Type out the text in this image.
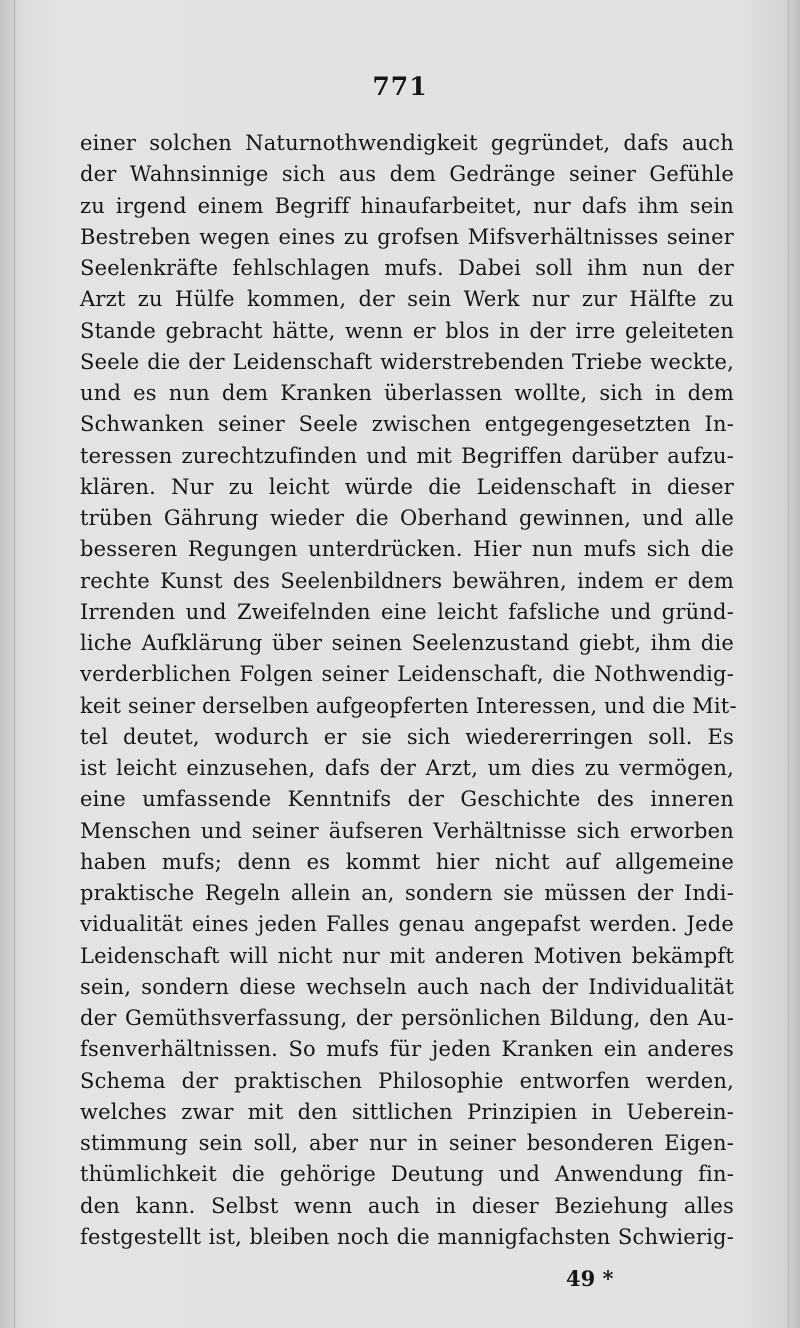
771
einer solchen Naturnothwendigkeit gegründet, dafs auch
der Wahnsinnige sich aus dem Gedränge seiner Gefühle
zu irgend einem Begriff hinaufarbeitet, nur dafs ihm sein
Bestreben wegen eines zu grofsen Mifsverhältnisses seiner
Seelenkräfte fehlschlagen mufs. Dabei soll ihm nun der
Arzt zu Hülfe kommen, der sein Werk nur zur Hälfte zu
Stande gebracht hätte, wenn er blos in der irre geleiteten
Seele die der Leidenschaft widerstrebenden Triebe weckte,
und es nun dem Kranken überlassen wollte, sich in dem
Schwanken seiner Seele zwischen entgegengesetzten In-
teressen zurechtzufinden und mit Begriffen darüber aufzu-
klären. Nur zu leicht würde die Leidenschaft in dieser
trüben Gährung wieder die Oberhand gewinnen, und alle
besseren Regungen unterdrücken. Hier nun mufs sich die
rechte Kunst des Seelenbildners bewähren, indem er dem
Irrenden und Zweifelnden eine leicht fafsliche und gründ-
liche Aufklärung über seinen Seelenzustand giebt, ihm die
verderblichen Folgen seiner Leidenschaft, die Nothwendig-
keit seiner derselben aufgeopferten Interessen, und die Mit-
tel deutet, wodurch er sie sich wiedererringen soll. Es
ist leicht einzusehen, dafs der Arzt, um dies zu vermögen,
eine umfassende Kenntnifs der Geschichte des inneren
Menschen und seiner äufseren Verhältnisse sich erworben
haben mufs; denn es kommt hier nicht auf allgemeine
praktische Regeln allein an, sondern sie müssen der Indi-
vidualität eines jeden Falles genau angepafst werden. Jede
Leidenschaft will nicht nur mit anderen Motiven bekämpft
sein, sondern diese wechseln auch nach der Individualität
der Gemüthsverfassung, der persönlichen Bildung, den Au-
fsenverhältnissen. So mufs für jeden Kranken ein anderes
Schema der praktischen Philosophie entworfen werden,
welches zwar mit den sittlichen Prinzipien in Ueberein-
stimmung sein soll, aber nur in seiner besonderen Eigen-
thümlichkeit die gehörige Deutung und Anwendung fin-
den kann. Selbst wenn auch in dieser Beziehung alles
festgestellt ist, bleiben noch die mannigfachsten Schwierig-
49 *
